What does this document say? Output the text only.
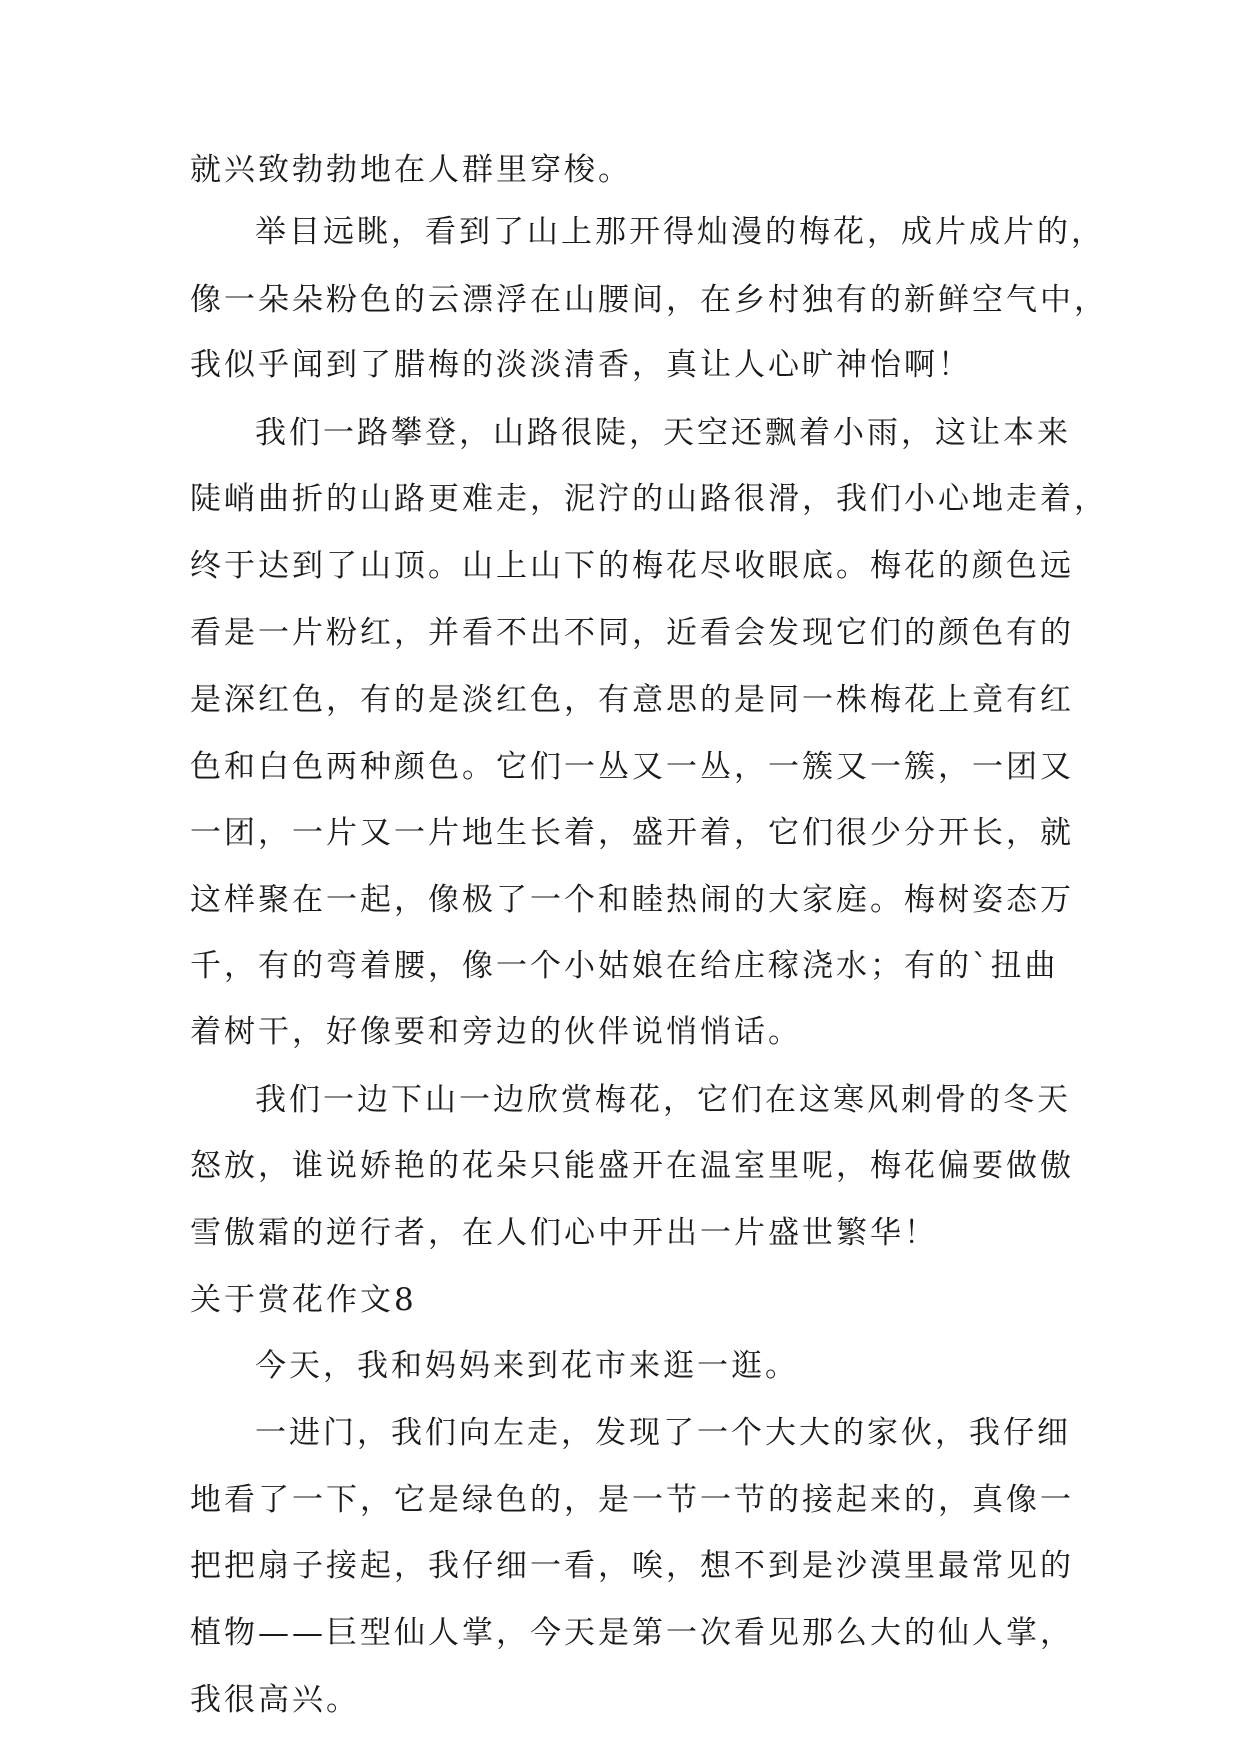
就兴致勃勃地在人群里穿梭。
举目远眺，看到了山上那开得灿漫的梅花，成片成片的，
像一朵朵粉色的云漂浮在山腰间，在乡村独有的新鲜空气中，
我似乎闻到了腊梅的淡淡清香，真让人心旷神怡啊！
我们一路攀登，山路很陡，天空还飘着小雨，这让本来
陡峭曲折的山路更难走，泥泞的山路很滑，我们小心地走着，
终于达到了山顶。山上山下的梅花尽收眼底。梅花的颜色远
看是一片粉红，并看不出不同，近看会发现它们的颜色有的
是深红色，有的是淡红色，有意思的是同一株梅花上竟有红
色和白色两种颜色。它们一丛又一丛，一簇又一簇，一团又
一团，一片又一片地生长着，盛开着，它们很少分开长，就
这样聚在一起，像极了一个和睦热闹的大家庭。梅树姿态万
千，有的弯着腰，像一个小姑娘在给庄稼浇水；有的`扭曲
着树干，好像要和旁边的伙伴说悄悄话。
我们一边下山一边欣赏梅花，它们在这寒风刺骨的冬天
怒放，谁说娇艳的花朵只能盛开在温室里呢，梅花偏要做傲
雪傲霜的逆行者，在人们心中开出一片盛世繁华！
关于赏花作文8
今天，我和妈妈来到花市来逛一逛。
一进门，我们向左走，发现了一个大大的家伙，我仔细
地看了一下，它是绿色的，是一节一节的接起来的，真像一
把把扇子接起，我仔细一看，唉，想不到是沙漠里最常见的
植物——巨型仙人掌，今天是第一次看见那么大的仙人掌，
我很高兴。
